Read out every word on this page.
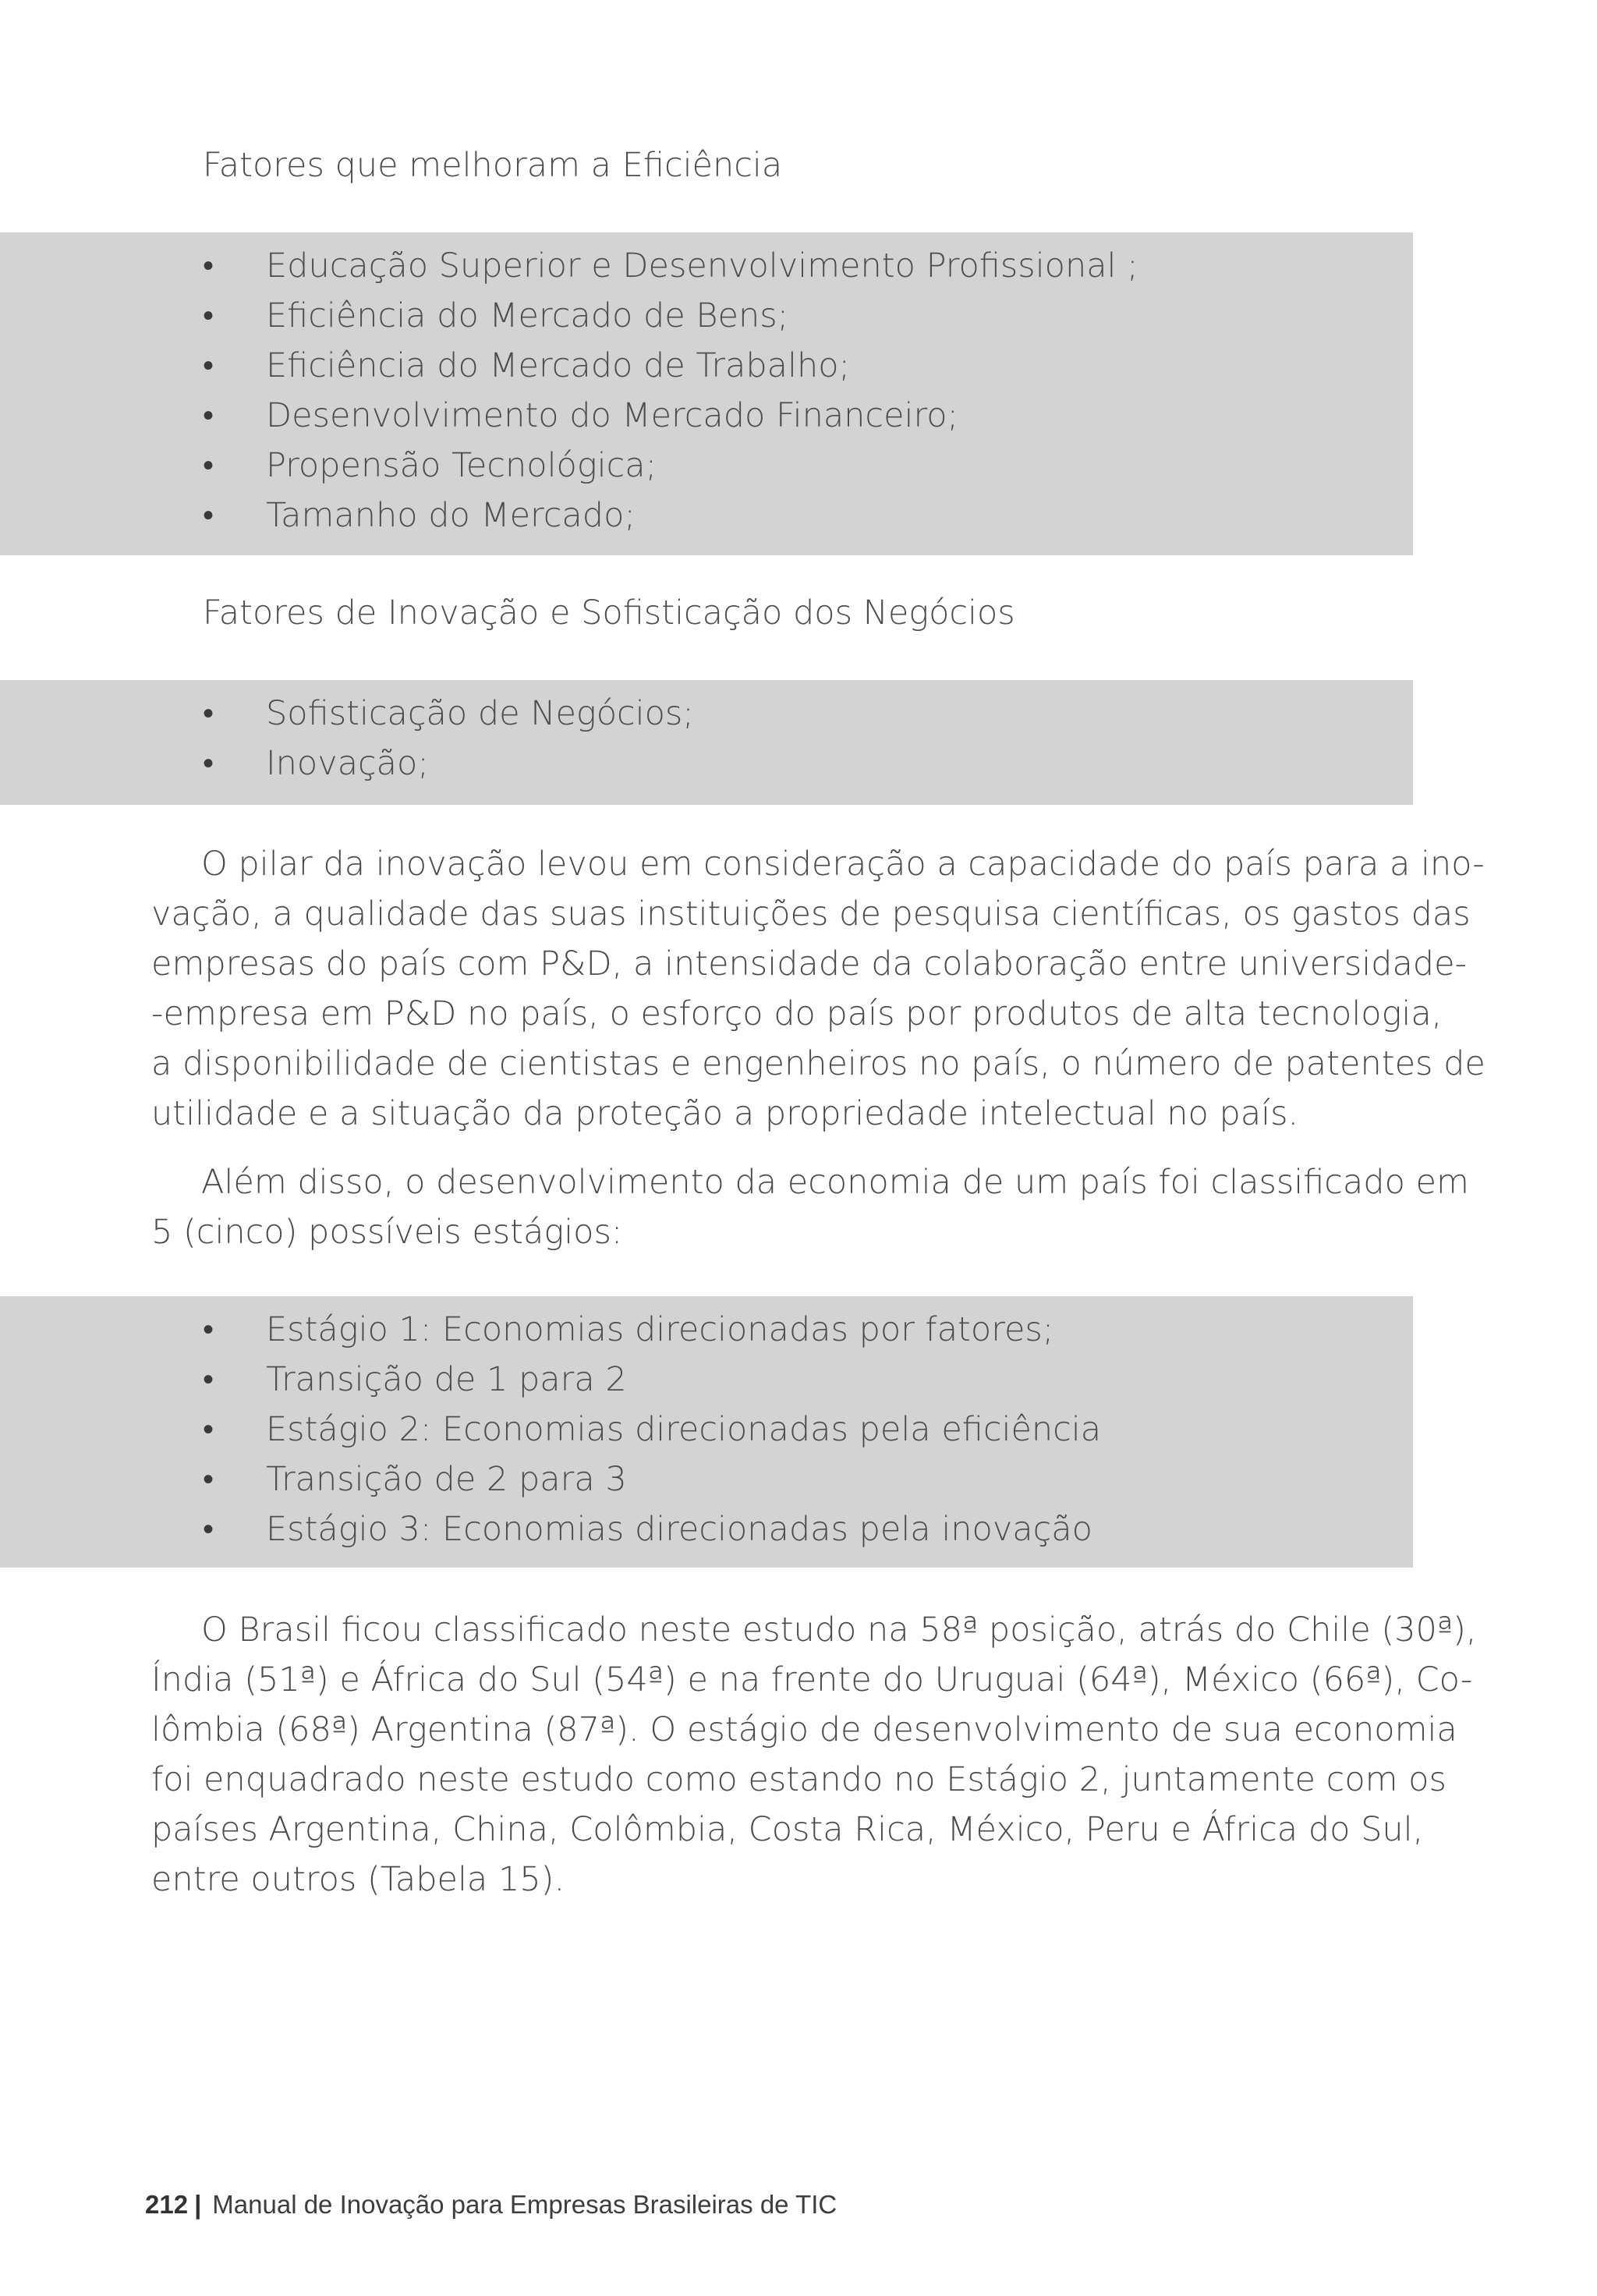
Fatores que melhoram a Eficiência

•	Educação Superior e Desenvolvimento Profissional ;
•	Eficiência do Mercado de Bens;
•	Eficiência do Mercado de Trabalho;
•	Desenvolvimento do Mercado Financeiro;
•	Propensão Tecnológica;
•	Tamanho do Mercado;

Fatores de Inovação e Sofisticação dos Negócios

•	Sofisticação de Negócios;
•	Inovação;
O pilar da inovação levou em consideração a capacidade do país para a ino-
vação, a qualidade das suas instituições de pesquisa científicas, os gastos das
empresas do país com P&D, a intensidade da colaboração entre universidade-
-empresa em P&D no país, o esforço do país por produtos de alta tecnologia,
a disponibilidade de cientistas e engenheiros no país, o número de patentes de
utilidade e a situação da proteção a propriedade intelectual no país.
Além disso, o desenvolvimento da economia de um país foi classificado em
5 (cinco) possíveis estágios:
•	Estágio 1: Economias direcionadas por fatores;
•	Transição de 1 para 2
•	Estágio 2: Economias direcionadas pela eficiência
•	Transição de 2 para 3
•	Estágio 3: Economias direcionadas pela inovação
O Brasil ficou classificado neste estudo na 58ª posição, atrás do Chile (30ª),
Índia (51ª) e África do Sul (54ª) e na frente do Uruguai (64ª), México (66ª), Co-
lômbia (68ª) Argentina (87ª). O estágio de desenvolvimento de sua economia
foi enquadrado neste estudo como estando no Estágio 2, juntamente com os
países Argentina, China, Colômbia, Costa Rica, México, Peru e África do Sul,
entre outros (Tabela 15).
212 | Manual de Inovação para Empresas Brasileiras de TIC
